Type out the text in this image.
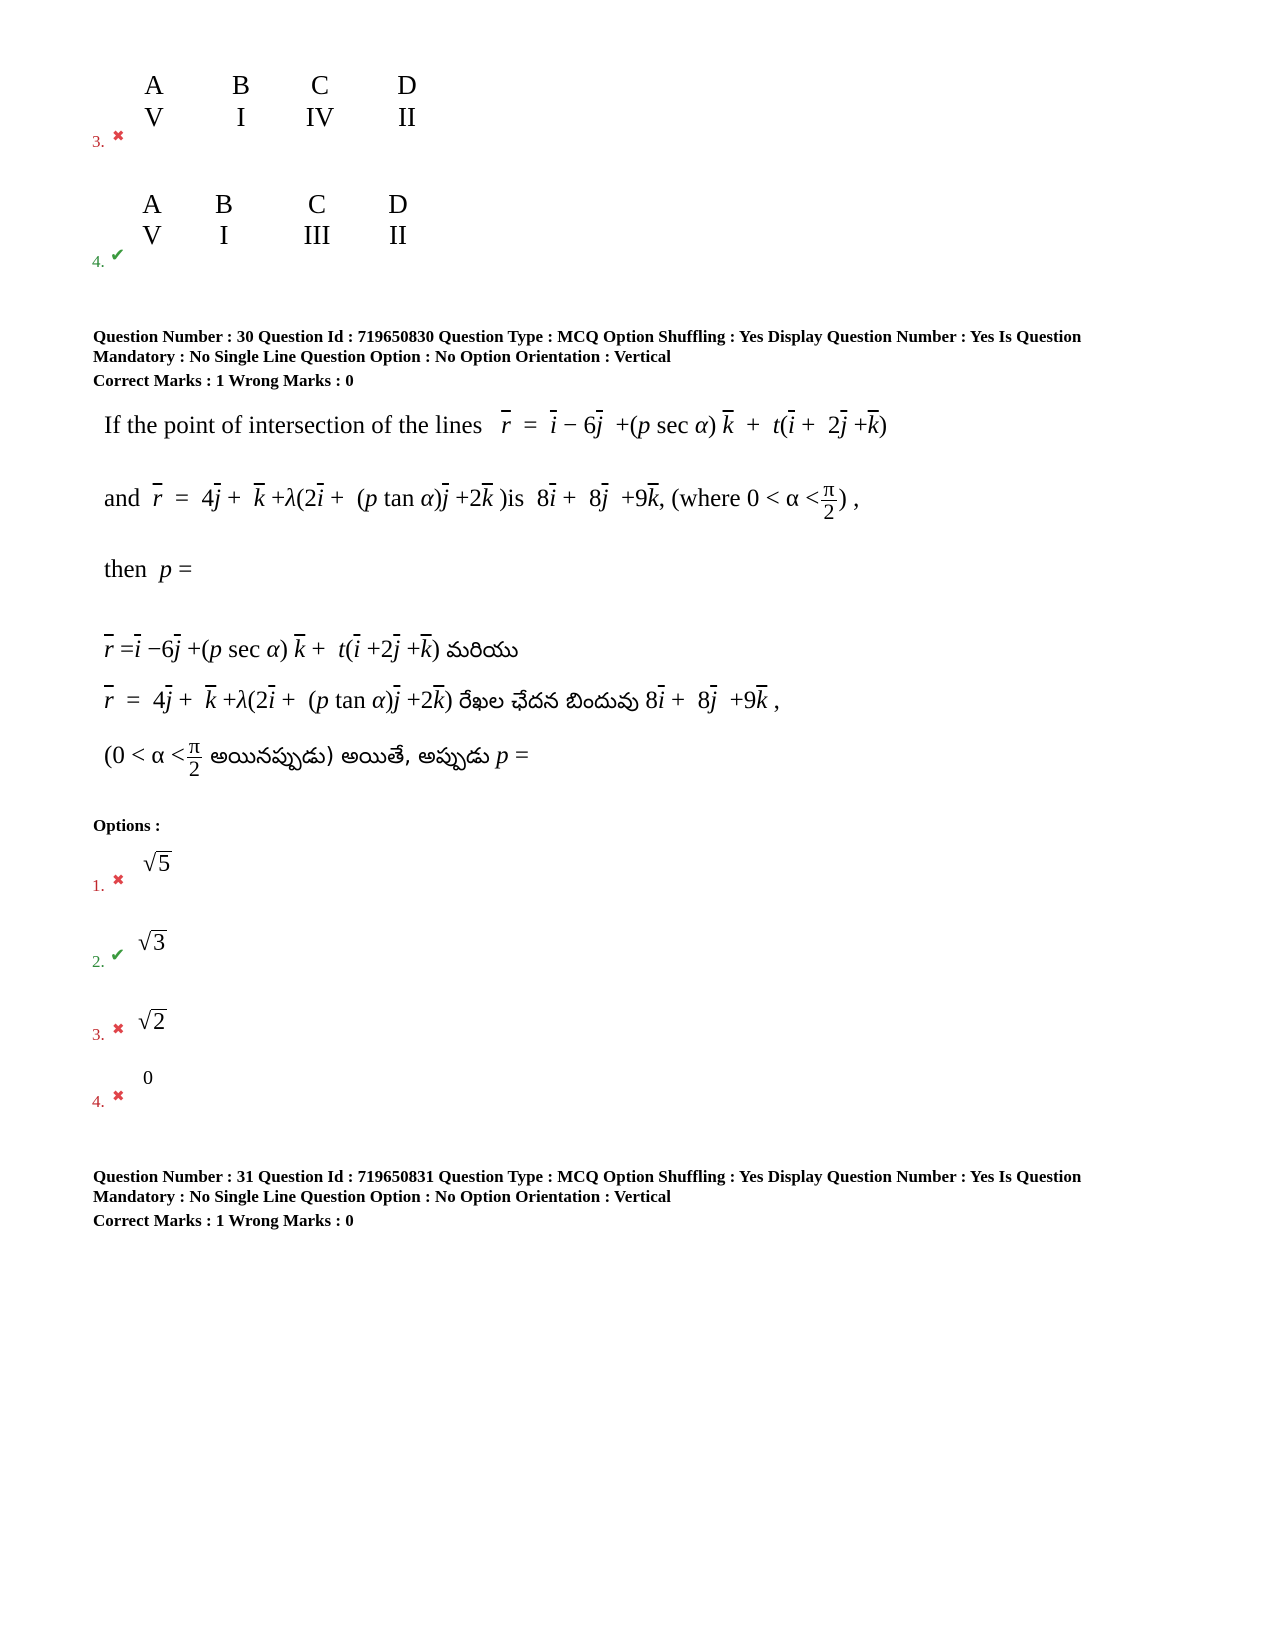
A	B	C	D
V	I	IV	II
3. ✖
A	B	C	D
V	I	III	II
4. ✔
Question Number : 30 Question Id : 719650830 Question Type : MCQ Option Shuffling : Yes Display Question Number : Yes Is Question
Mandatory : No Single Line Question Option : No Option Orientation : Vertical
Correct Marks : 1 Wrong Marks : 0
If the point of intersection of the lines $\overline{r} = \overline{i} - 6\overline{j} +(p$ sec α) $\overline{k} + t(\overline{i} + 2\overline{j} +\overline{k})$
and $\overline{r} = 4\overline{j} + \overline{k} +\lambda(2\overline{i} + (p$ $\tan \alpha)\overline{j} +2\overline{k}$ )is  $8\overline{i} + 8\overline{j} +9\overline{k}$, (where $0 < \alpha < \frac{\pi}{2}$ ) ,
then p =
$\overline{r} =\overline{i} -6\overline{j} +(p$ sec α) $\overline{k} + t(\overline{i} +2\overline{j} +\overline{k})$ మరియు
$\overline{r} = 4\overline{j} + \overline{k} +\lambda(2\overline{i} + (p$ $\tan \alpha)\overline{j} +2\overline{k}$) రేఖల ఛేదన బిందువు $8\overline{i} + 8\overline{j} +9\overline{k}$ ,
($0 < \alpha < \frac{\pi}{2}$ అయినప్పుడు) అయితే, అప్పుడు p =
Options :
1. ✖
√5
2. ✔ √3
3. ✖ √2
4. ✖
0
Question Number : 31 Question Id : 719650831 Question Type : MCQ Option Shuffling : Yes Display Question Number : Yes Is Question
Mandatory : No Single Line Question Option : No Option Orientation : Vertical
Correct Marks : 1 Wrong Marks : 0
